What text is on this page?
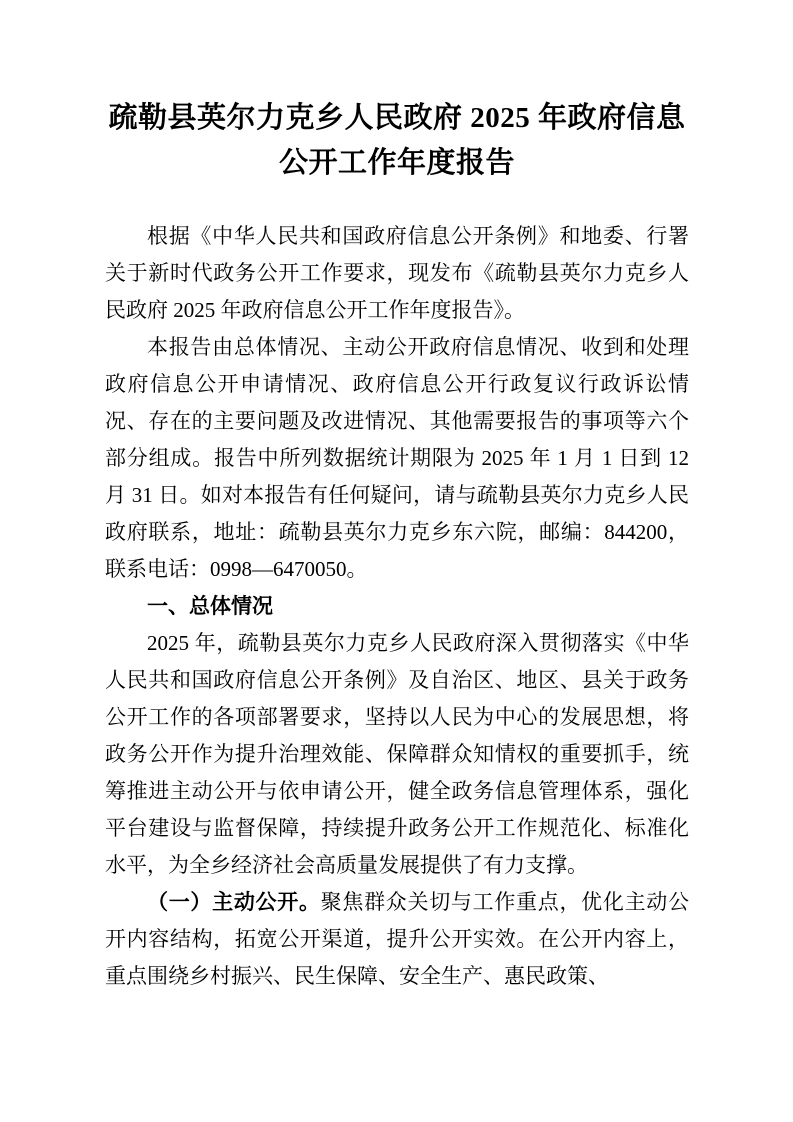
疏勒县英尔力克乡人民政府 2025 年政府信息
公开工作年度报告

根据《中华人民共和国政府信息公开条例》和地委、行署关于新时代政务公开工作要求，现发布《疏勒县英尔力克乡人民政府 2025 年政府信息公开工作年度报告》。

本报告由总体情况、主动公开政府信息情况、收到和处理政府信息公开申请情况、政府信息公开行政复议行政诉讼情况、存在的主要问题及改进情况、其他需要报告的事项等六个部分组成。报告中所列数据统计期限为 2025 年 1 月 1 日到 12 月 31 日。如对本报告有任何疑问，请与疏勒县英尔力克乡人民政府联系，地址：疏勒县英尔力克乡东六院，邮编：844200，联系电话：0998—6470050。

一、总体情况

2025 年，疏勒县英尔力克乡人民政府深入贯彻落实《中华人民共和国政府信息公开条例》及自治区、地区、县关于政务公开工作的各项部署要求，坚持以人民为中心的发展思想，将政务公开作为提升治理效能、保障群众知情权的重要抓手，统筹推进主动公开与依申请公开，健全政务信息管理体系，强化平台建设与监督保障，持续提升政务公开工作规范化、标准化水平，为全乡经济社会高质量发展提供了有力支撑。

（一）主动公开。聚焦群众关切与工作重点，优化主动公开内容结构，拓宽公开渠道，提升公开实效。在公开内容上，重点围绕乡村振兴、民生保障、安全生产、惠民政策、
